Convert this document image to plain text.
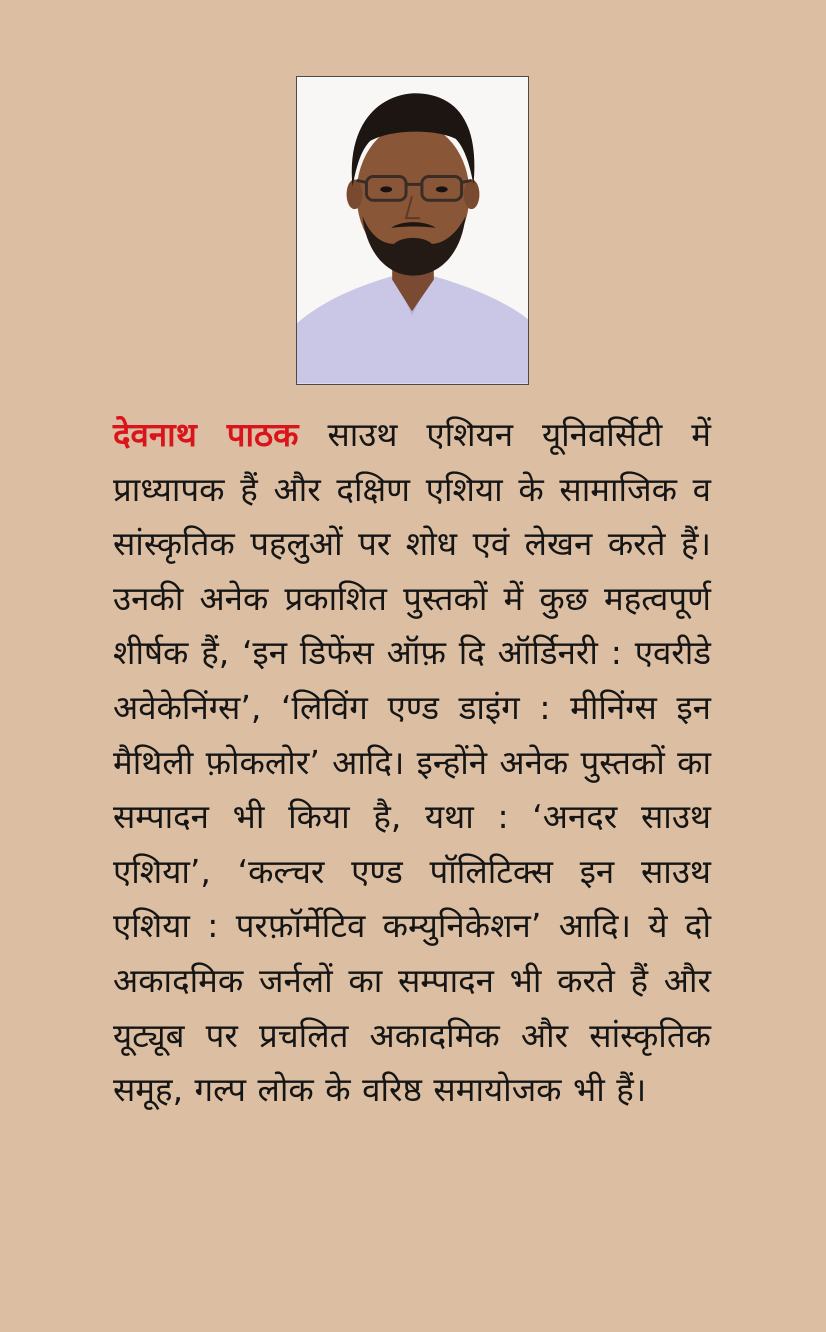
देवनाथ पाठक साउथ एशियन यूनिवर्सिटी में प्राध्यापक हैं और दक्षिण एशिया के सामाजिक व सांस्कृतिक पहलुओं पर शोध एवं लेखन करते हैं। उनकी अनेक प्रकाशित पुस्तकों में कुछ महत्वपूर्ण शीर्षक हैं, ‘इन डिफेंस ऑफ़ दि ऑर्डिनरी : एवरीडे अवेकेनिंग्स’, ‘लिविंग एण्ड डाइंग : मीनिंग्स इन मैथिली फ़ोकलोर’ आदि। इन्होंने अनेक पुस्तकों का सम्पादन भी किया है, यथा : ‘अनदर साउथ एशिया’, ‘कल्चर एण्ड पॉलिटिक्स इन साउथ एशिया : परफ़ॉर्मेटिव कम्युनिकेशन’ आदि। ये दो अकादमिक जर्नलों का सम्पादन भी करते हैं और यूट्यूब पर प्रचलित अकादमिक और सांस्कृतिक समूह, गल्प लोक के वरिष्ठ समायोजक भी हैं।
